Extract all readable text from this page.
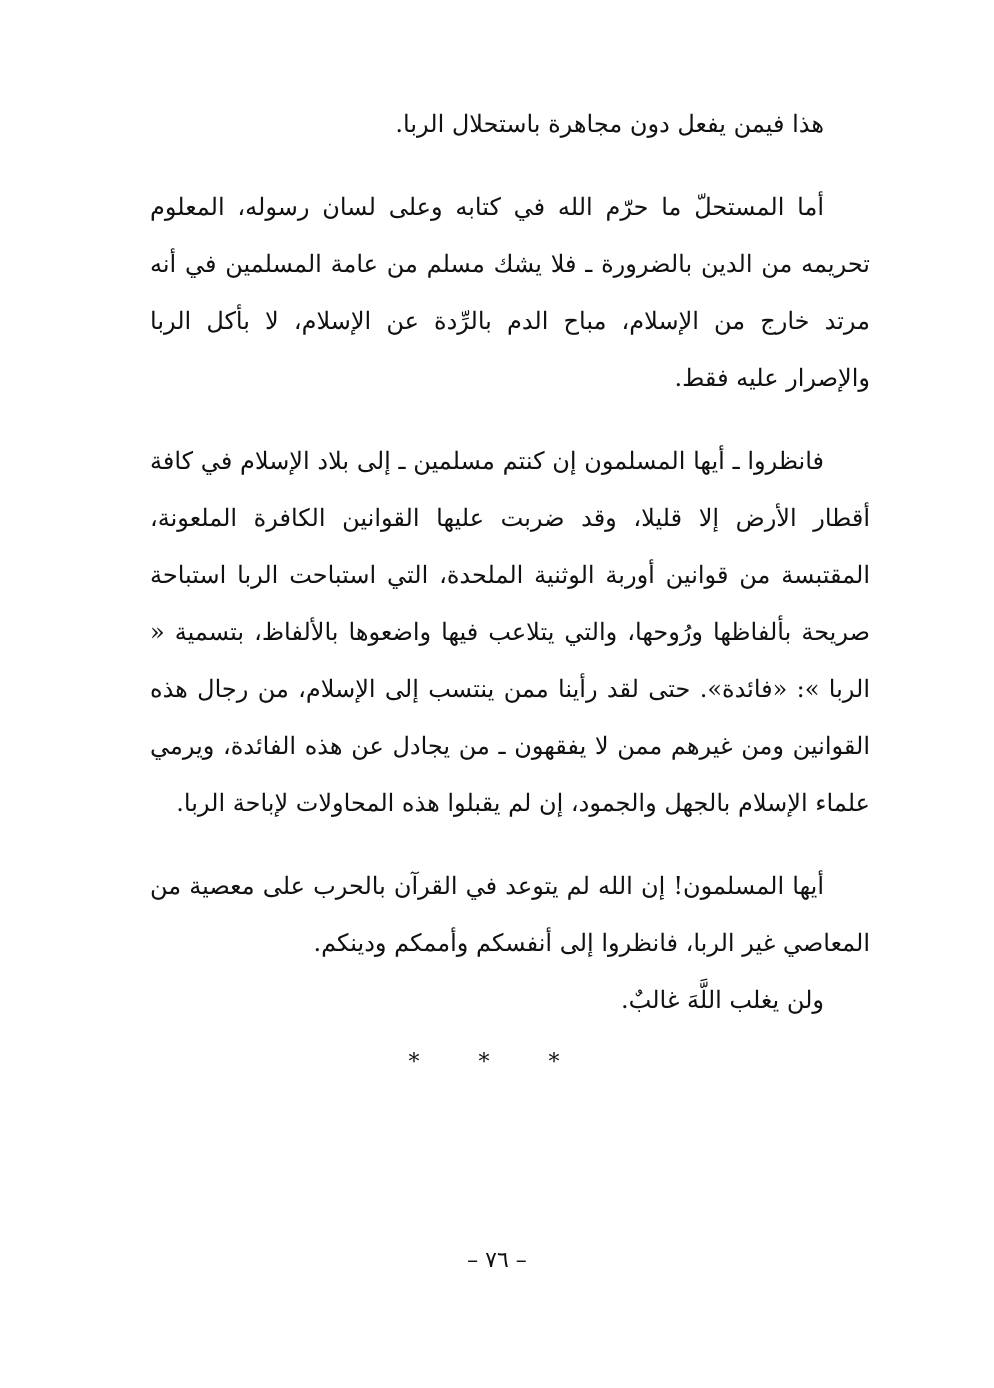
هذا فيمن يفعل دون مجاهرة باستحلال الربا.

أما المستحلّ ما حرّم الله في كتابه وعلى لسان رسوله، المعلوم تحريمه من الدين بالضرورة ـ فلا يشك مسلم من عامة المسلمين في أنه مرتد خارج من الإسلام، مباح الدم بالرِّدة عن الإسلام، لا بأكل الربا والإصرار عليه فقط.

فانظروا ـ أيها المسلمون إن كنتم مسلمين ـ إلى بلاد الإسلام في كافة أقطار الأرض إلا قليلا، وقد ضربت عليها القوانين الكافرة الملعونة، المقتبسة من قوانين أوربة الوثنية الملحدة، التي استباحت الربا استباحة صريحة بألفاظها ورُوحها، والتي يتلاعب فيها واضعوها بالألفاظ، بتسمية « الربا »: «فائدة». حتى لقد رأينا ممن ينتسب إلى الإسلام، من رجال هذه القوانين ومن غيرهم ممن لا يفقهون ـ من يجادل عن هذه الفائدة، ويرمي علماء الإسلام بالجهل والجمود، إن لم يقبلوا هذه المحاولات لإباحة الربا.

أيها المسلمون! إن الله لم يتوعد في القرآن بالحرب على معصية من المعاصي غير الربا، فانظروا إلى أنفسكم وأممكم ودينكم.

ولن يغلب اللَّهَ غالبٌ.

* * *
– ٧٦ –
